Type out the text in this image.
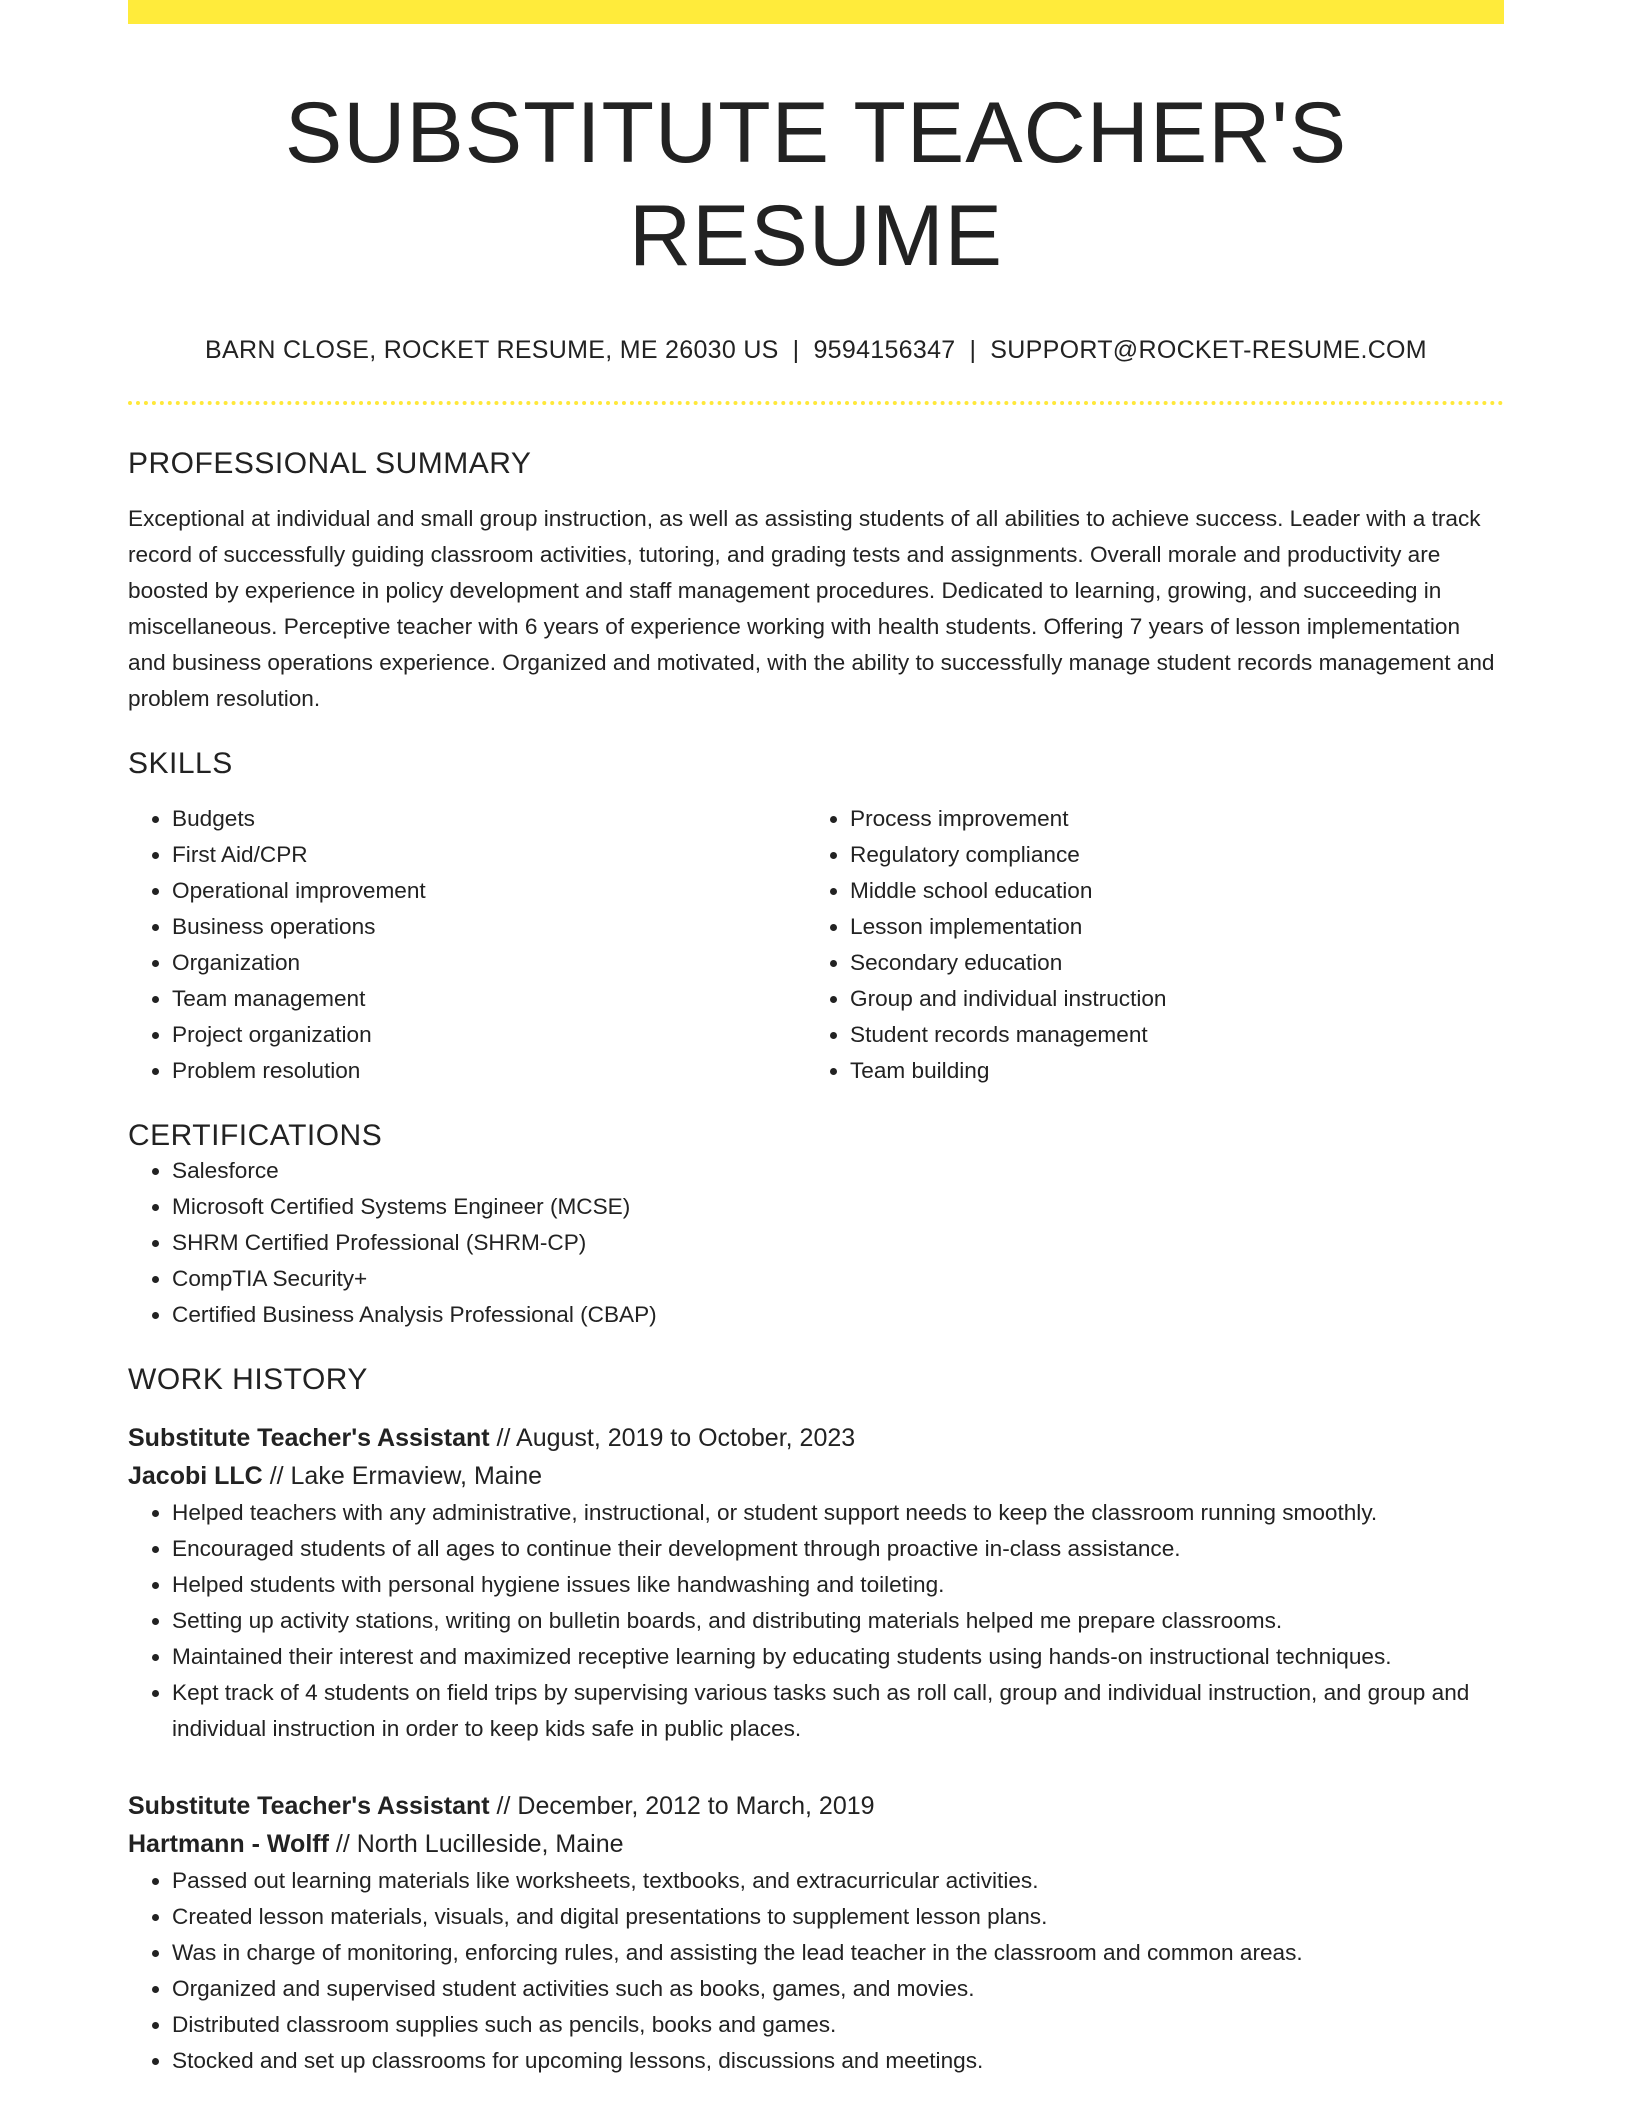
SUBSTITUTE TEACHER'S RESUME
BARN CLOSE, ROCKET RESUME, ME 26030 US | 9594156347 | SUPPORT@ROCKET-RESUME.COM
PROFESSIONAL SUMMARY
Exceptional at individual and small group instruction, as well as assisting students of all abilities to achieve success. Leader with a track record of successfully guiding classroom activities, tutoring, and grading tests and assignments. Overall morale and productivity are boosted by experience in policy development and staff management procedures. Dedicated to learning, growing, and succeeding in miscellaneous. Perceptive teacher with 6 years of experience working with health students. Offering 7 years of lesson implementation and business operations experience. Organized and motivated, with the ability to successfully manage student records management and problem resolution.
SKILLS
• Budgets
• First Aid/CPR
• Operational improvement
• Business operations
• Organization
• Team management
• Project organization
• Problem resolution
• Process improvement
• Regulatory compliance
• Middle school education
• Lesson implementation
• Secondary education
• Group and individual instruction
• Student records management
• Team building
CERTIFICATIONS
• Salesforce
• Microsoft Certified Systems Engineer (MCSE)
• SHRM Certified Professional (SHRM-CP)
• CompTIA Security+
• Certified Business Analysis Professional (CBAP)
WORK HISTORY
Substitute Teacher's Assistant // August, 2019 to October, 2023
Jacobi LLC // Lake Ermaview, Maine
• Helped teachers with any administrative, instructional, or student support needs to keep the classroom running smoothly.
• Encouraged students of all ages to continue their development through proactive in-class assistance.
• Helped students with personal hygiene issues like handwashing and toileting.
• Setting up activity stations, writing on bulletin boards, and distributing materials helped me prepare classrooms.
• Maintained their interest and maximized receptive learning by educating students using hands-on instructional techniques.
• Kept track of 4 students on field trips by supervising various tasks such as roll call, group and individual instruction, and group and individual instruction in order to keep kids safe in public places.
Substitute Teacher's Assistant // December, 2012 to March, 2019
Hartmann - Wolff // North Lucilleside, Maine
• Passed out learning materials like worksheets, textbooks, and extracurricular activities.
• Created lesson materials, visuals, and digital presentations to supplement lesson plans.
• Was in charge of monitoring, enforcing rules, and assisting the lead teacher in the classroom and common areas.
• Organized and supervised student activities such as books, games, and movies.
• Distributed classroom supplies such as pencils, books and games.
• Stocked and set up classrooms for upcoming lessons, discussions and meetings.
